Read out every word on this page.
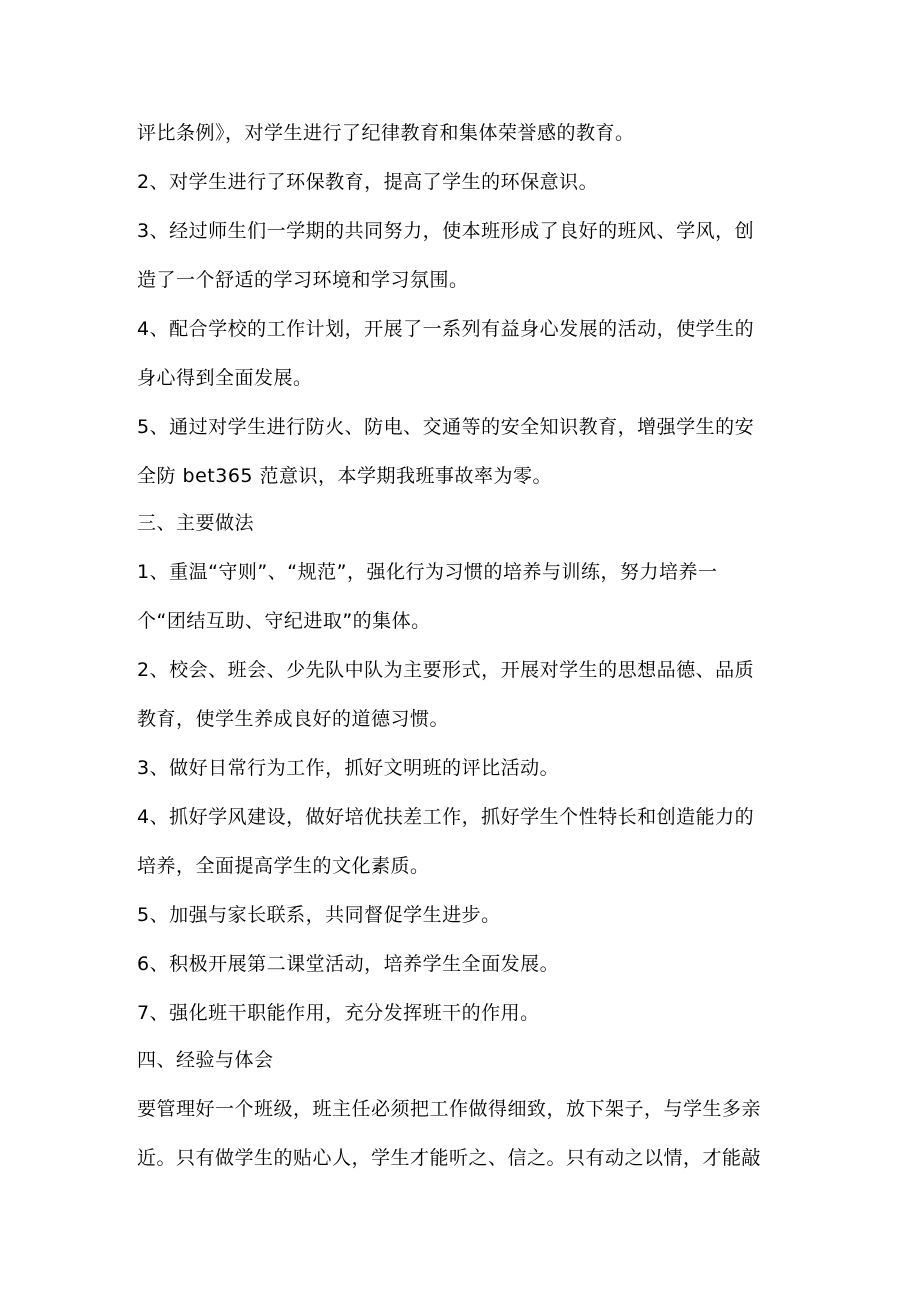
评比条例》，对学生进行了纪律教育和集体荣誉感的教育。

2、对学生进行了环保教育，提高了学生的环保意识。

3、经过师生们一学期的共同努力，使本班形成了良好的班风、学风，创

造了一个舒适的学习环境和学习氛围。

4、配合学校的工作计划，开展了一系列有益身心发展的活动，使学生的

身心得到全面发展。

5、通过对学生进行防火、防电、交通等的安全知识教育，增强学生的安

全防 bet365 范意识，本学期我班事故率为零。

三、主要做法

1、重温“守则”、“规范”，强化行为习惯的培养与训练，努力培养一

个“团结互助、守纪进取”的集体。

2、校会、班会、少先队中队为主要形式，开展对学生的思想品德、品质

教育，使学生养成良好的道德习惯。

3、做好日常行为工作，抓好文明班的评比活动。

4、抓好学风建设，做好培优扶差工作，抓好学生个性特长和创造能力的

培养，全面提高学生的文化素质。

5、加强与家长联系，共同督促学生进步。

6、积极开展第二课堂活动，培养学生全面发展。

7、强化班干职能作用，充分发挥班干的作用。

四、经验与体会

要管理好一个班级，班主任必须把工作做得细致，放下架子，与学生多亲

近。只有做学生的贴心人，学生才能听之、信之。只有动之以情，才能敲
